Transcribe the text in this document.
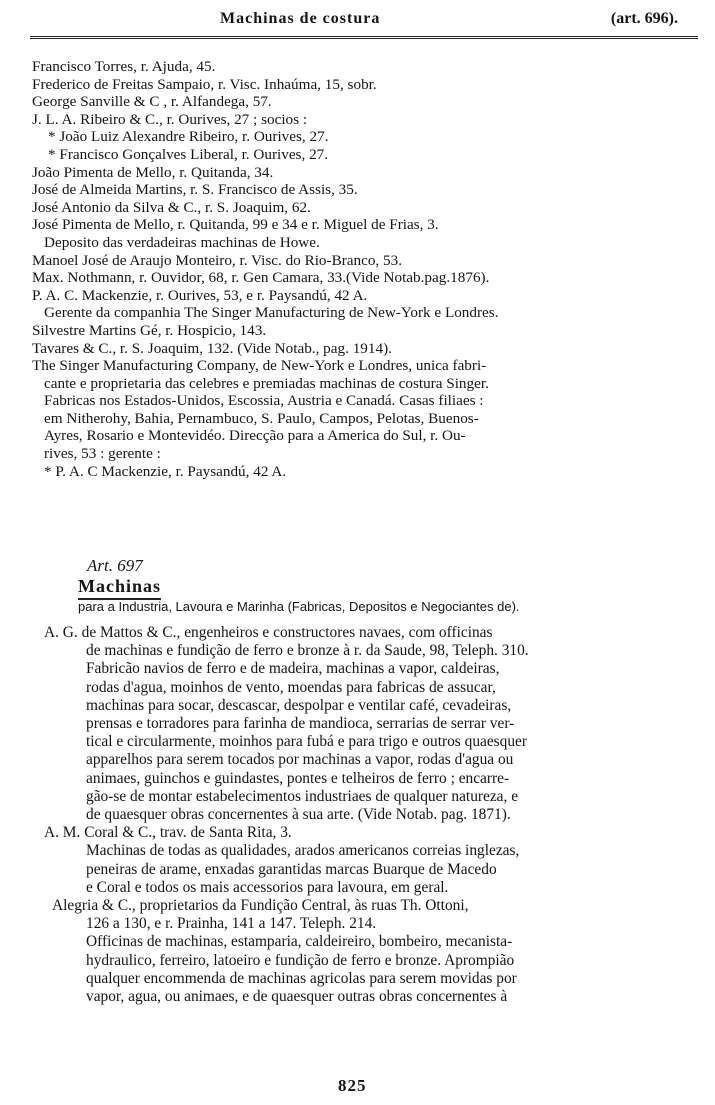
Machinas de costura	(art. 696).
Francisco Torres, r. Ajuda, 45.
Frederico de Freitas Sampaio, r. Visc. Inhaúma, 15, sobr.
George Sanville & C , r. Alfandega, 57.
J. L. A. Ribeiro & C., r. Ourives, 27 ; socios :
* João Luiz Alexandre Ribeiro, r. Ourives, 27.
* Francisco Gonçalves Liberal, r. Ourives, 27.
João Pimenta de Mello, r. Quitanda, 34.
José de Almeida Martins, r. S. Francisco de Assis, 35.
José Antonio da Silva & C., r. S. Joaquim, 62.
José Pimenta de Mello, r. Quitanda, 99 e 34 e r. Miguel de Frias, 3.
Deposito das verdadeiras machinas de Howe.
Manoel José de Araujo Monteiro, r. Visc. do Rio-Branco, 53.
Max. Nothmann, r. Ouvidor, 68, r. Gen Camara, 33.(Vide Notab.pag.1876).
P. A. C. Mackenzie, r. Ourives, 53, e r. Paysandú, 42 A.
Gerente da companhia The Singer Manufacturing de New-York e Londres.
Silvestre Martins Gé, r. Hospicio, 143.
Tavares & C., r. S. Joaquim, 132. (Vide Notab., pag. 1914).
The Singer Manufacturing Company, de New-York e Londres, unica fabri-
cante e proprietaria das celebres e premiadas machinas de costura Singer.
Fabricas nos Estados-Unidos, Escossia, Austria e Canadá. Casas filiaes :
em Nitherohy, Bahia, Pernambuco, S. Paulo, Campos, Pelotas, Buenos-
Ayres, Rosario e Montevidéo. Direcção para a America do Sul, r. Ou-
rives, 53 : gerente :
* P. A. C Mackenzie, r. Paysandú, 42 A.
Art. 697
Machinas
para a Industria, Lavoura e Marinha (Fabricas, Depositos e Negociantes de).
A. G. de Mattos & C., engenheiros e constructores navaes, com officinas
de machinas e fundição de ferro e bronze à r. da Saude, 98, Teleph. 310.
Fabricão navios de ferro e de madeira, machinas a vapor, caldeiras,
rodas d'agua, moinhos de vento, moendas para fabricas de assucar,
machinas para socar, descascar, despolpar e ventilar café, cevadeiras,
prensas e torradores para farinha de mandioca, serrarias de serrar ver-
tical e circularmente, moinhos para fubá e para trigo e outros quaesquer
apparelhos para serem tocados por machinas a vapor, rodas d'agua ou
animaes, guinchos e guindastes, pontes e telheiros de ferro ; encarre-
gão-se de montar estabelecimentos industriaes de qualquer natureza, e
de quaesquer obras concernentes à sua arte. (Vide Notab. pag. 1871).
A. M. Coral & C., trav. de Santa Rita, 3.
Machinas de todas as qualidades, arados americanos correias inglezas,
peneiras de arame, enxadas garantidas marcas Buarque de Macedo
e Coral e todos os mais accessorios para lavoura, em geral.
Alegria & C., proprietarios da Fundição Central, às ruas Th. Ottoni,
126 a 130, e r. Prainha, 141 a 147. Teleph. 214.
Officinas de machinas, estamparia, caldeireiro, bombeiro, mecanista-
hydraulico, ferreiro, latoeiro e fundição de ferro e bronze. Aprompião
qualquer encommenda de machinas agricolas para serem movidas por
vapor, agua, ou animaes, e de quaesquer outras obras concernentes à
825
